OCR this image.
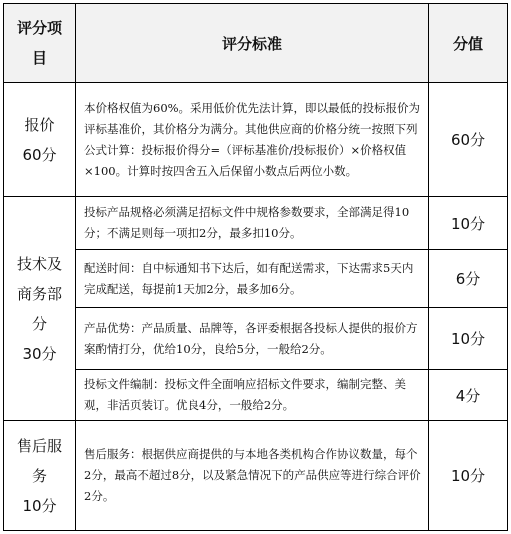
评分项
目
评分标准	分值
报价
60分
本价格权值为60%。采用低价优先法计算，即以最低的投标报价为评标基准价，其价格分为满分。其他供应商的价格分统一按照下列公式计算：投标报价得分=（评标基准价/投标报价）×价格权值×100。计算时按四舍五入后保留小数点后两位小数。
60分
技术及
商务部
分
30分
投标产品规格必须满足招标文件中规格参数要求，全部满足得10分；不满足则每一项扣2分，最多扣10分。
10分
配送时间：自中标通知书下达后，如有配送需求，下达需求5天内完成配送，每提前1天加2分，最多加6分。
6分
产品优势：产品质量、品牌等，各评委根据各投标人提供的报价方案酌情打分，优给10分，良给5分，一般给2分。
10分
投标文件编制：投标文件全面响应招标文件要求，编制完整、美观，非活页装订。优良4分，一般给2分。
4分
售后服
务
10分
售后服务：根据供应商提供的与本地各类机构合作协议数量，每个2分，最高不超过8分，以及紧急情况下的产品供应等进行综合评价2分。
10分
